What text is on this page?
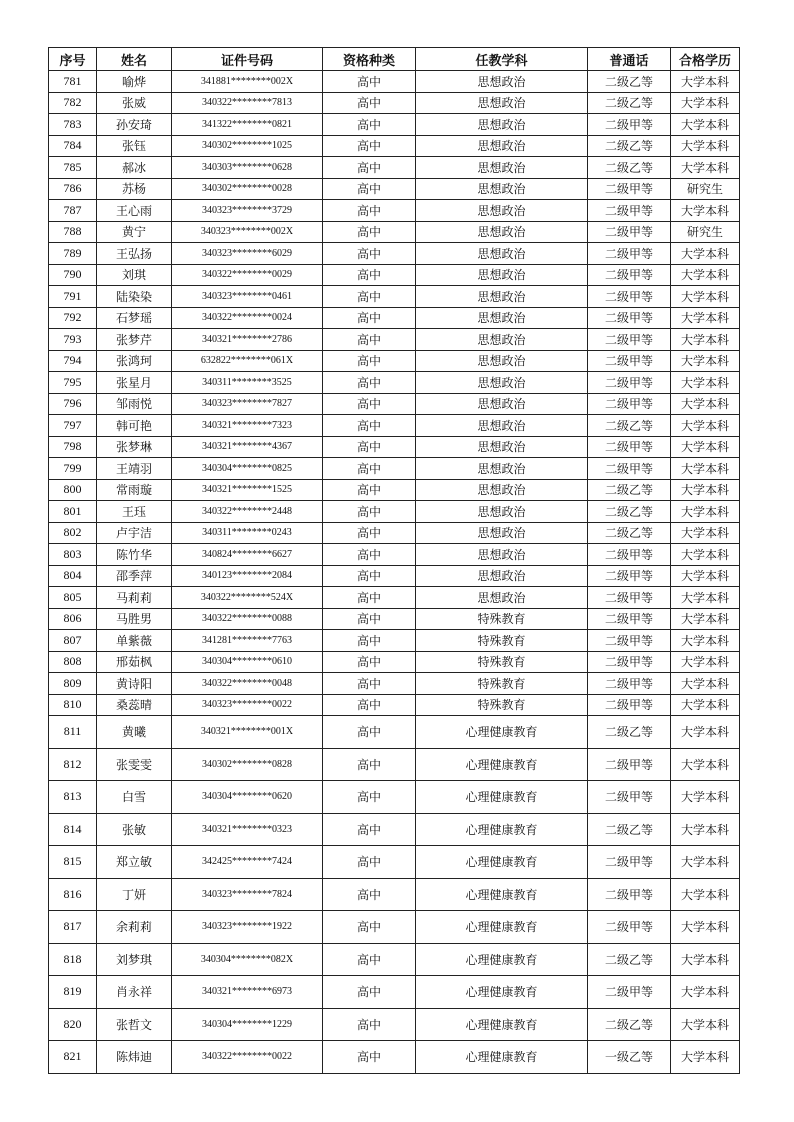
序号	姓名	证件号码	资格种类	任教学科	普通话	合格学历
781	喻烨	341881********002X	高中	思想政治	二级乙等	大学本科
782	张威	340322********7813	高中	思想政治	二级乙等	大学本科
783	孙安琦	341322********0821	高中	思想政治	二级甲等	大学本科
784	张钰	340302********1025	高中	思想政治	二级乙等	大学本科
785	郝冰	340303********0628	高中	思想政治	二级乙等	大学本科
786	苏杨	340302********0028	高中	思想政治	二级甲等	研究生
787	王心雨	340323********3729	高中	思想政治	二级甲等	大学本科
788	黄宁	340323********002X	高中	思想政治	二级甲等	研究生
789	王弘扬	340323********6029	高中	思想政治	二级甲等	大学本科
790	刘琪	340322********0029	高中	思想政治	二级甲等	大学本科
791	陆染染	340323********0461	高中	思想政治	二级甲等	大学本科
792	石梦瑶	340322********0024	高中	思想政治	二级甲等	大学本科
793	张梦芹	340321********2786	高中	思想政治	二级甲等	大学本科
794	张鸿珂	632822********061X	高中	思想政治	二级甲等	大学本科
795	张星月	340311********3525	高中	思想政治	二级甲等	大学本科
796	邹雨悦	340323********7827	高中	思想政治	二级甲等	大学本科
797	韩可艳	340321********7323	高中	思想政治	二级乙等	大学本科
798	张梦琳	340321********4367	高中	思想政治	二级甲等	大学本科
799	王靖羽	340304********0825	高中	思想政治	二级甲等	大学本科
800	常雨璇	340321********1525	高中	思想政治	二级乙等	大学本科
801	王珏	340322********2448	高中	思想政治	二级乙等	大学本科
802	卢宇洁	340311********0243	高中	思想政治	二级乙等	大学本科
803	陈竹华	340824********6627	高中	思想政治	二级甲等	大学本科
804	邵季萍	340123********2084	高中	思想政治	二级甲等	大学本科
805	马莉莉	340322********524X	高中	思想政治	二级甲等	大学本科
806	马胜男	340322********0088	高中	特殊教育	二级甲等	大学本科
807	单紫薇	341281********7763	高中	特殊教育	二级甲等	大学本科
808	邢茹枫	340304********0610	高中	特殊教育	二级甲等	大学本科
809	黄诗阳	340322********0048	高中	特殊教育	二级甲等	大学本科
810	桑蕊晴	340323********0022	高中	特殊教育	二级甲等	大学本科
811	黄曦	340321********001X	高中	心理健康教育	二级乙等	大学本科
812	张雯雯	340302********0828	高中	心理健康教育	二级甲等	大学本科
813	白雪	340304********0620	高中	心理健康教育	二级甲等	大学本科
814	张敏	340321********0323	高中	心理健康教育	二级乙等	大学本科
815	郑立敏	342425********7424	高中	心理健康教育	二级甲等	大学本科
816	丁妍	340323********7824	高中	心理健康教育	二级甲等	大学本科
817	余莉莉	340323********1922	高中	心理健康教育	二级甲等	大学本科
818	刘梦琪	340304********082X	高中	心理健康教育	二级乙等	大学本科
819	肖永祥	340321********6973	高中	心理健康教育	二级甲等	大学本科
820	张哲文	340304********1229	高中	心理健康教育	二级乙等	大学本科
821	陈炜迪	340322********0022	高中	心理健康教育	一级乙等	大学本科
